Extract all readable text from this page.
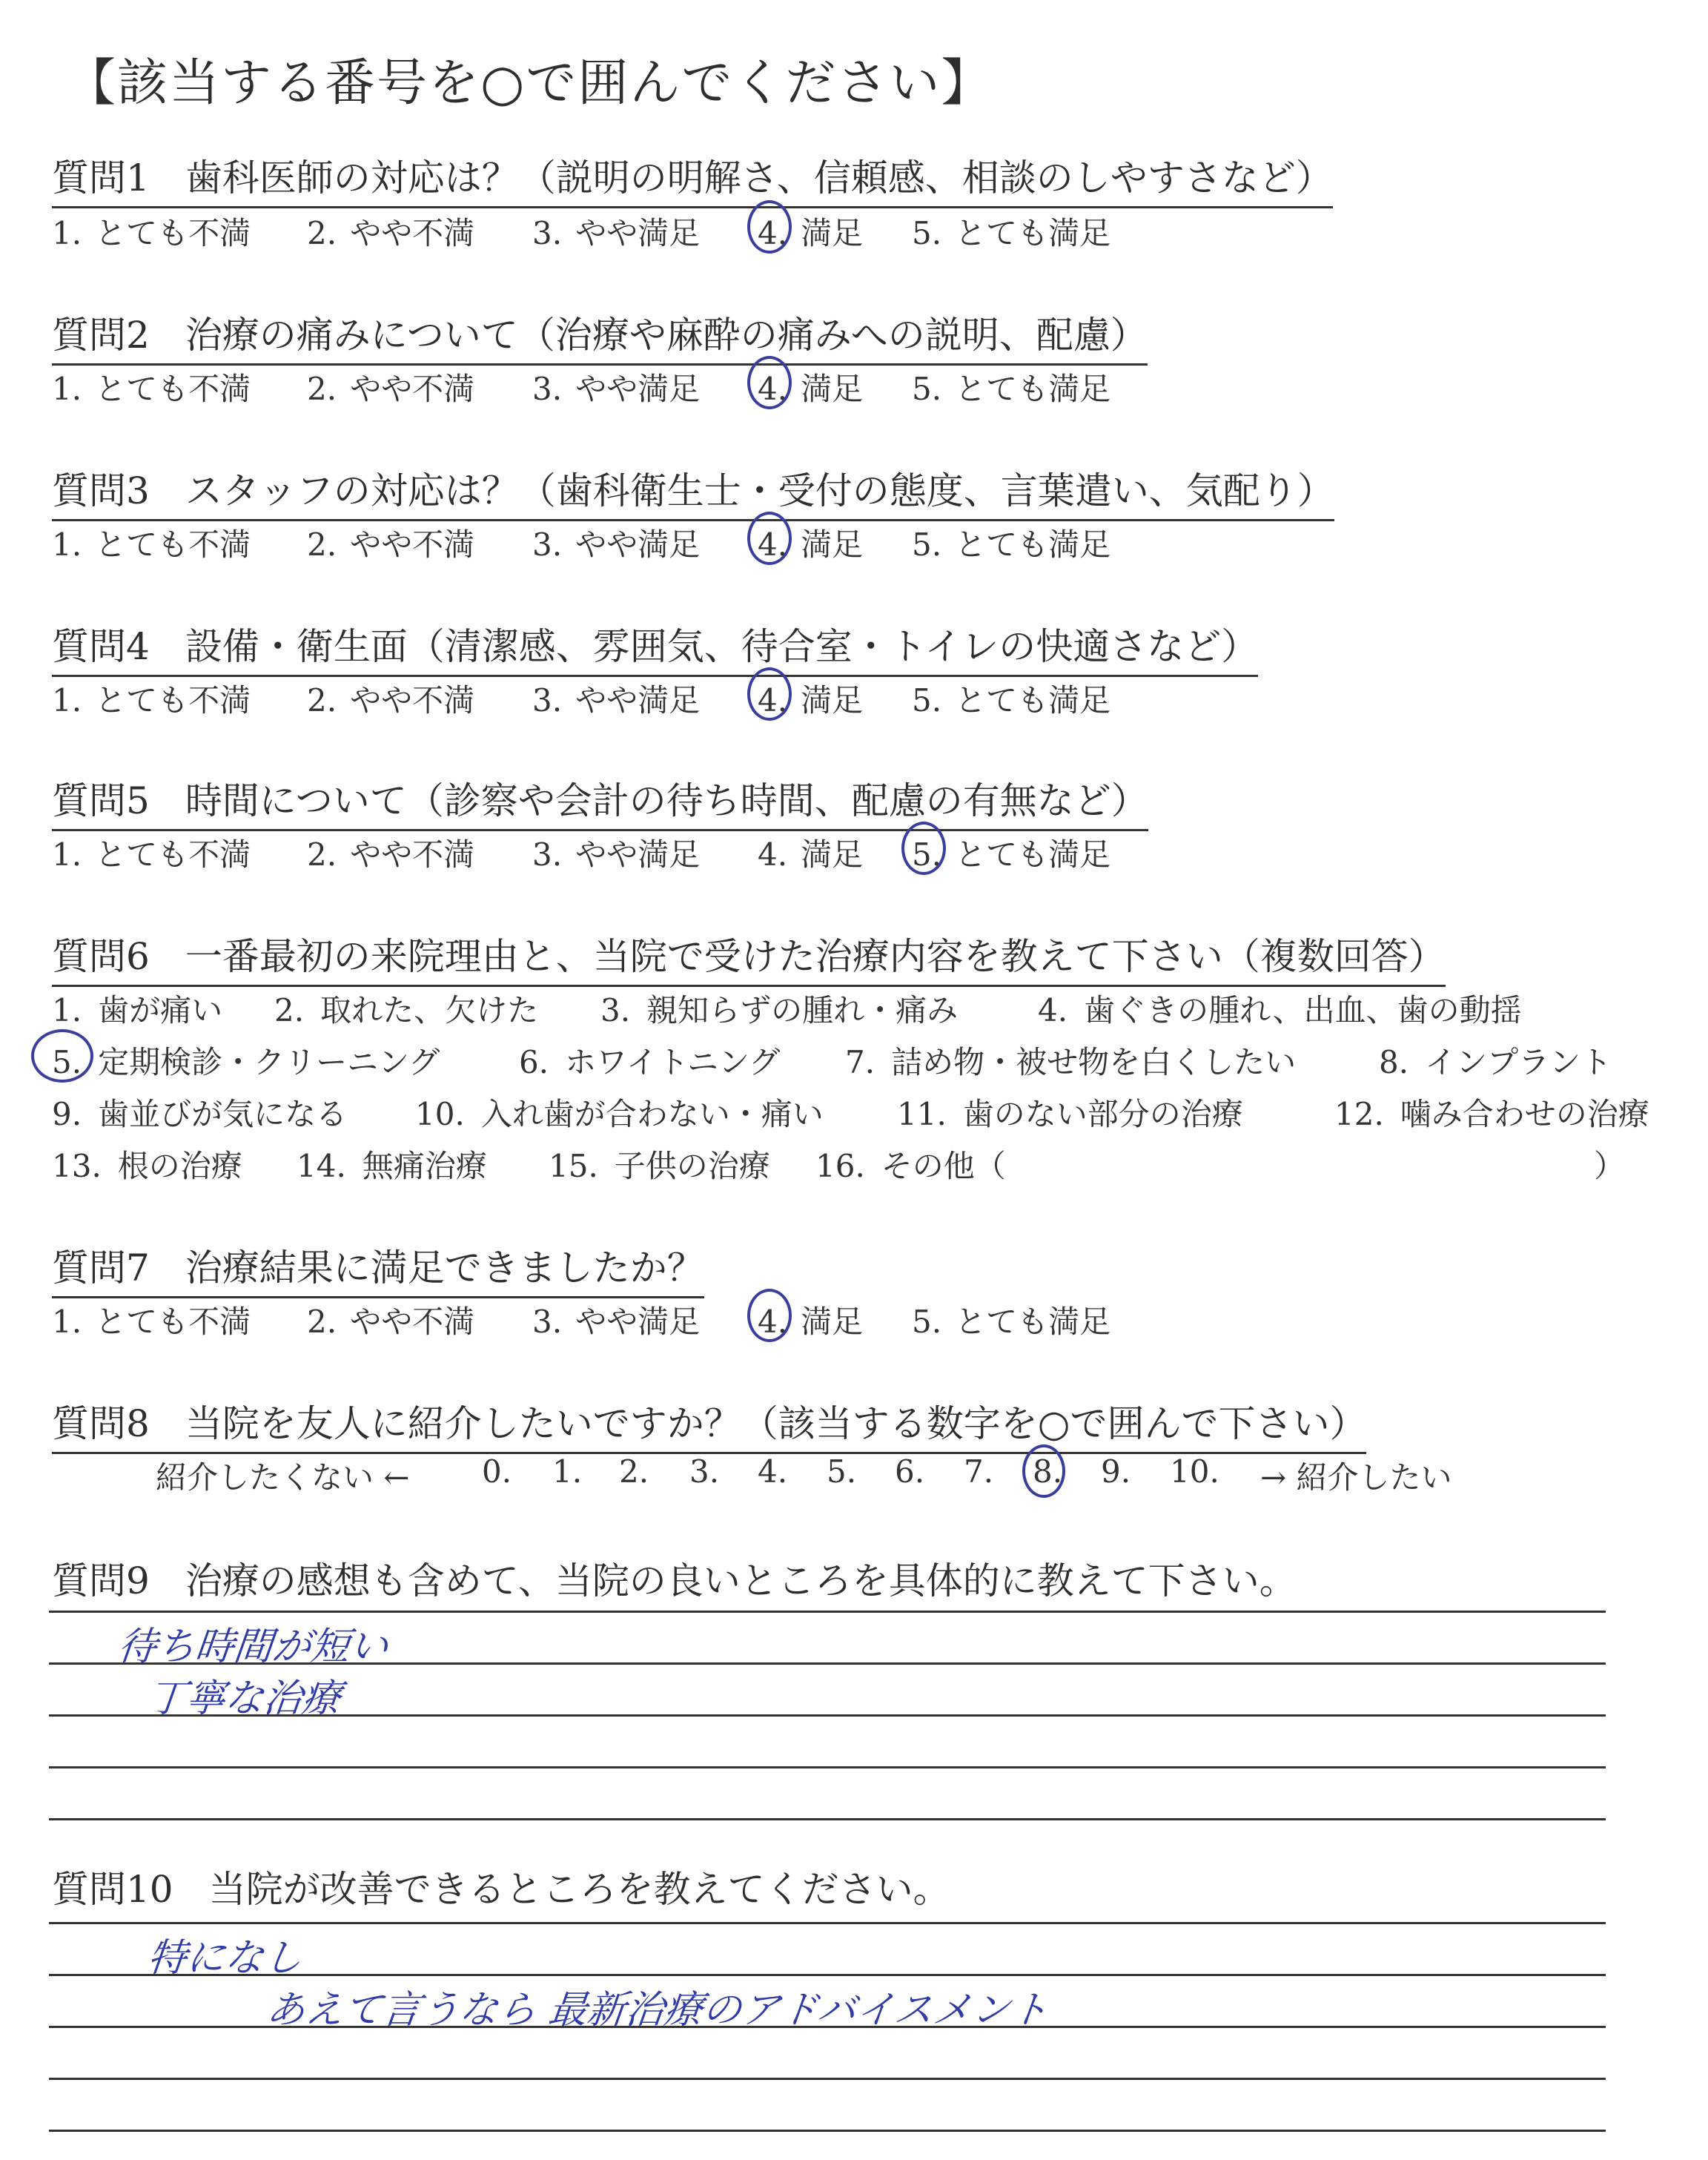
【該当する番号を○で囲んでください】
質問1 歯科医師の対応は？（説明の明解さ、信頼感、相談のしやすさなど）
1. とても不満 2. やや不満 3. やや満足 4. 満足 5. とても満足
質問2 治療の痛みについて（治療や麻酔の痛みへの説明、配慮）
1. とても不満 2. やや不満 3. やや満足 4. 満足 5. とても満足
質問3 スタッフの対応は？（歯科衛生士・受付の態度、言葉遣い、気配り）
1. とても不満 2. やや不満 3. やや満足 4. 満足 5. とても満足
質問4 設備・衛生面（清潔感、雰囲気、待合室・トイレの快適さなど）
1. とても不満 2. やや不満 3. やや満足 4. 満足 5. とても満足
質問5 時間について（診察や会計の待ち時間、配慮の有無など）
1. とても不満 2. やや不満 3. やや満足 4. 満足 5. とても満足
質問6 一番最初の来院理由と、当院で受けた治療内容を教えて下さい（複数回答）
1. 歯が痛い 2. 取れた、欠けた 3. 親知らずの腫れ・痛み	4. 歯ぐきの腫れ、出血、歯の動揺
5. 定期検診・クリーニング	6. ホワイトニング 7. 詰め物・被せ物を白くしたい	8. インプラント
9. 歯並びが気になる 10. 入れ歯が合わない・痛い 11. 歯のない部分の治療	12. 噛み合わせの治療
13. 根の治療 14. 無痛治療 15. 子供の治療 16. その他（	）
質問7 治療結果に満足できましたか？
1. とても不満 2. やや不満 3. やや満足 4. 満足 5. とても満足
質問8 当院を友人に紹介したいですか？（該当する数字を○で囲んで下さい）
紹介したくない ← 0. 1. 2. 3. 4. 5. 6. 7. 8. 9. 10. → 紹介したい
質問9 治療の感想も含めて、当院の良いところを具体的に教えて下さい。
待ち時間が短い
丁寧な治療
質問10 当院が改善できるところを教えてください。
特になし
あえて言うなら 最新治療のアドバイスメント
